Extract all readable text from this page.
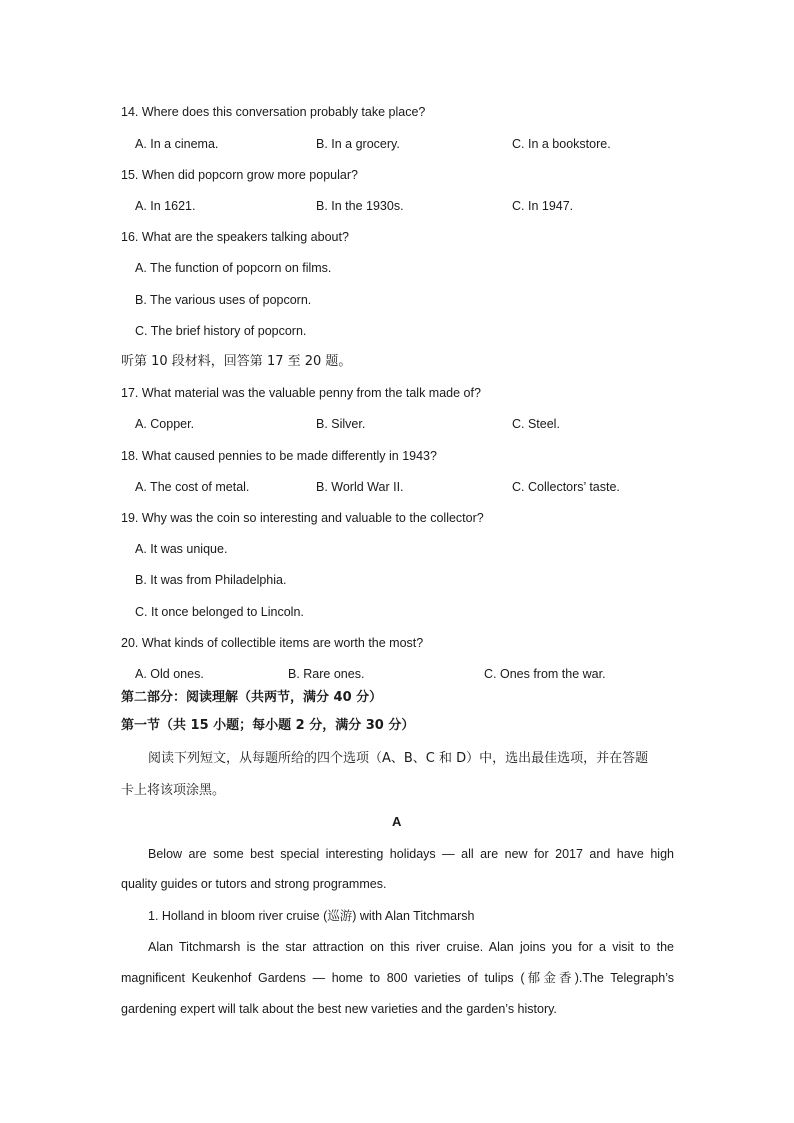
14. Where does this conversation probably take place?
A. In a cinema.	B. In a grocery.	C. In a bookstore.
15. When did popcorn grow more popular?
A. In 1621.	B. In the 1930s.	C. In 1947.
16. What are the speakers talking about?
A. The function of popcorn on films.
B. The various uses of popcorn.
C. The brief history of popcorn.
听第 10 段材料，回答第 17 至 20 题。
17. What material was the valuable penny from the talk made of?
A. Copper.	B. Silver.	C. Steel.
18. What caused pennies to be made differently in 1943?
A. The cost of metal.	B. World War II.	C. Collectors’ taste.
19. Why was the coin so interesting and valuable to the collector?
A. It was unique.
B. It was from Philadelphia.
C. It once belonged to Lincoln.
20. What kinds of collectible items are worth the most?
A. Old ones.	B. Rare ones.	C. Ones from the war.
第二部分：阅读理解（共两节，满分 40 分）
第一节（共 15 小题；每小题 2 分，满分 30 分）
阅读下列短文，从每题所给的四个选项（A、B、C 和 D）中，选出最佳选项，并在答题
卡上将该项涂黑。
A
Below are some best special interesting holidays — all are new for 2017 and have high
quality guides or tutors and strong programmes.
1. Holland in bloom river cruise (巡游) with Alan Titchmarsh
Alan Titchmarsh is the star attraction on this river cruise. Alan joins you for a visit to the
magnificent Keukenhof Gardens — home to 800 varieties of tulips (郁金香).The Telegraph’s
gardening expert will talk about the best new varieties and the garden’s history.
